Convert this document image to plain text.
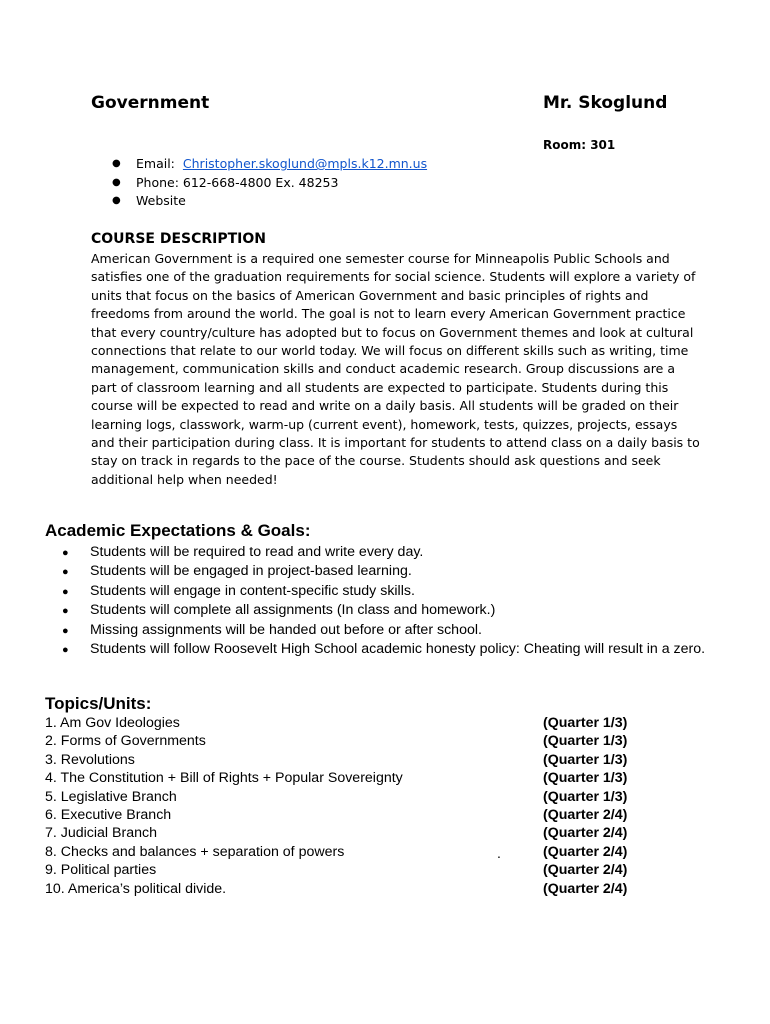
Government	Mr. Skoglund
Room: 301
●	Email: Christopher.skoglund@mpls.k12.mn.us
●	Phone: 612-668-4800 Ex. 48253
●	Website
COURSE DESCRIPTION
American Government is a required one semester course for Minneapolis Public Schools and
satisfies one of the graduation requirements for social science. Students will explore a variety of
units that focus on the basics of American Government and basic principles of rights and
freedoms from around the world. The goal is not to learn every American Government practice
that every country/culture has adopted but to focus on Government themes and look at cultural
connections that relate to our world today. We will focus on different skills such as writing, time
management, communication skills and conduct academic research. Group discussions are a
part of classroom learning and all students are expected to participate. Students during this
course will be expected to read and write on a daily basis. All students will be graded on their
learning logs, classwork, warm-up (current event), homework, tests, quizzes, projects, essays
and their participation during class. It is important for students to attend class on a daily basis to
stay on track in regards to the pace of the course. Students should ask questions and seek
additional help when needed!
Academic Expectations & Goals:
●	Students will be required to read and write every day.
●	Students will be engaged in project-based learning.
●	Students will engage in content-specific study skills.
●	Students will complete all assignments (In class and homework.)
●	Missing assignments will be handed out before or after school.
●	Students will follow Roosevelt High School academic honesty policy: Cheating will result in a zero.
Topics/Units:
1. Am Gov Ideologies	(Quarter 1/3)
2. Forms of Governments	(Quarter 1/3)
3. Revolutions	(Quarter 1/3)
4. The Constitution + Bill of Rights + Popular Sovereignty	(Quarter 1/3)
5. Legislative Branch	(Quarter 1/3)
6. Executive Branch	(Quarter 2/4)
7. Judicial Branch	(Quarter 2/4)
8. Checks and balances + separation of powers	(Quarter 2/4)
9. Political parties	(Quarter 2/4)
10. America’s political divide.	(Quarter 2/4)
.
